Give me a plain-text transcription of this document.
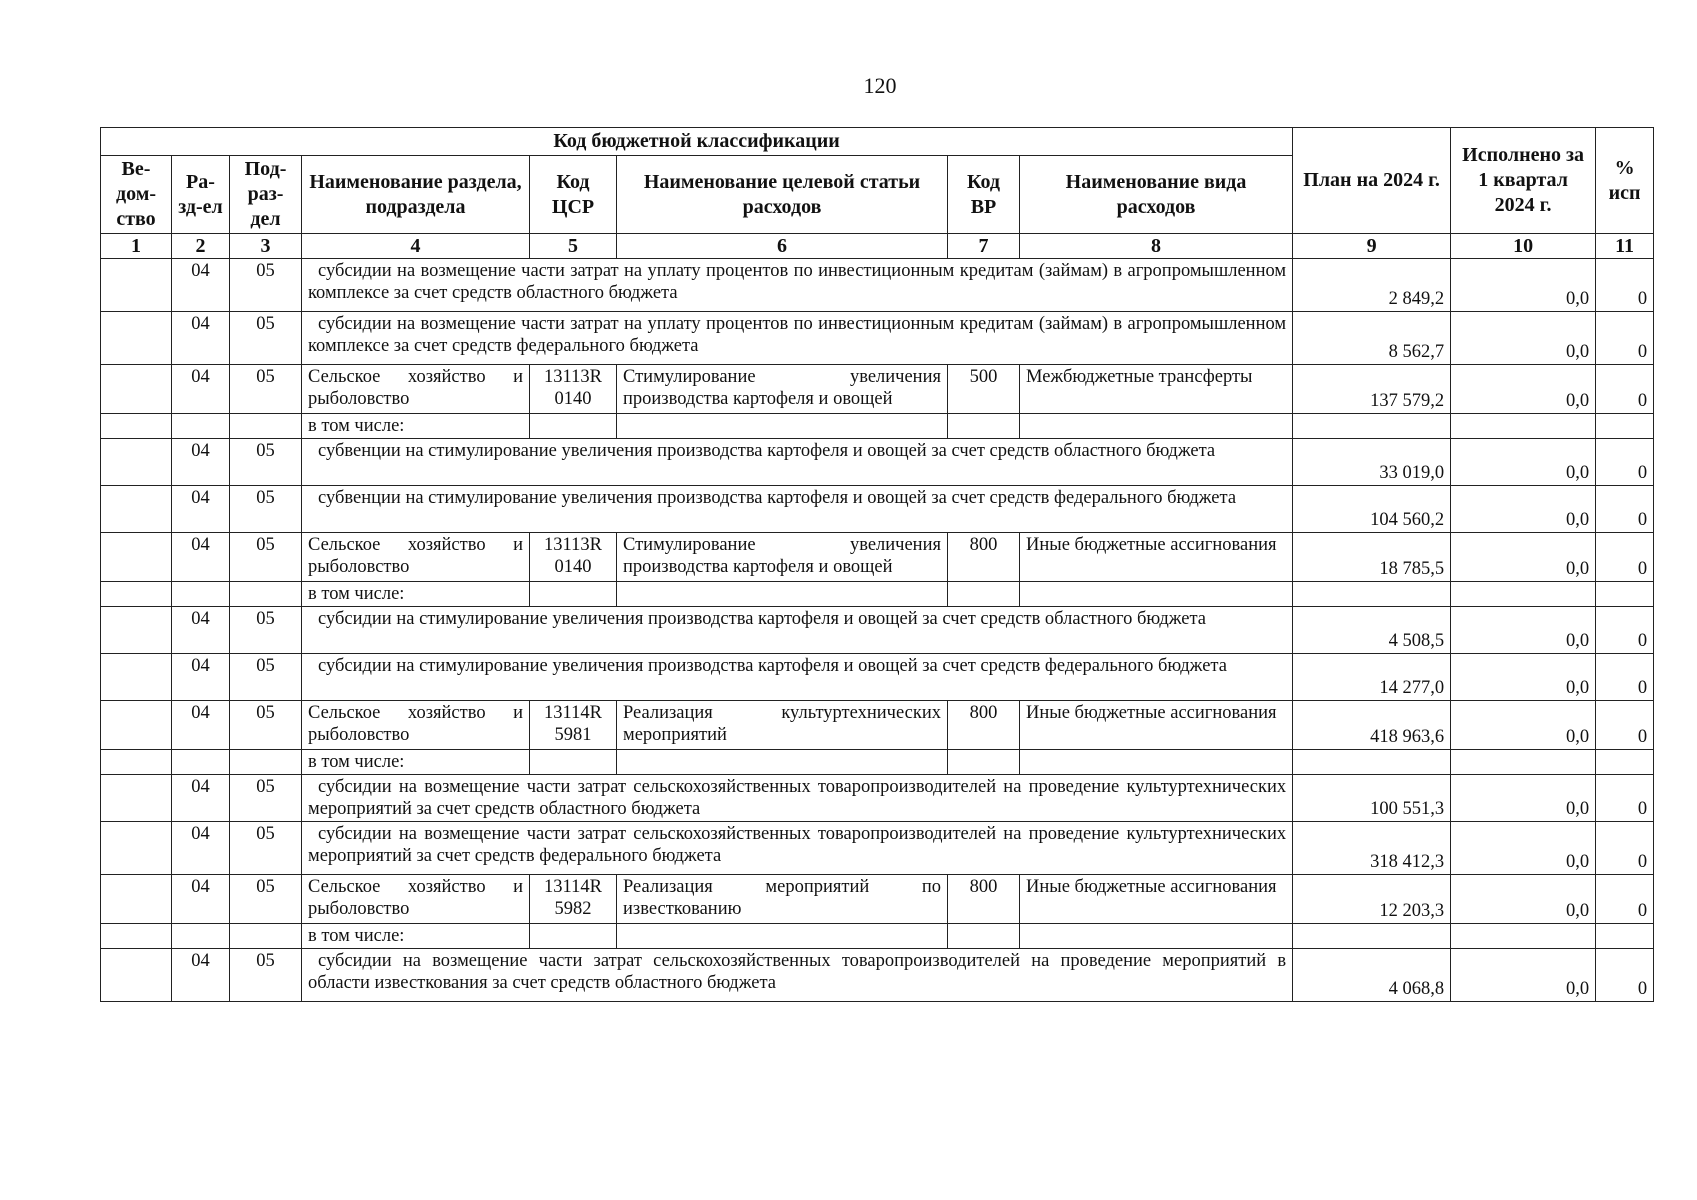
120
Код бюджетной классификации								План на 2024 г.	Исполнено за 1 квартал 2024 г.	% исп
Ве-дом-ство	Ра-зд-ел	Под-раз-дел	Наименование раздела, подраздела	Код ЦСР	Наименование целевой статьи расходов	Код ВР	Наименование вида расходов			
1	2	3	4	5	6	7	8	9	10	11
	04	05	субсидии на возмещение части затрат на уплату процентов по инвестиционным кредитам (займам) в агропромышленном комплексе за счет средств областного бюджета					2 849,2	0,0	0
	04	05	субсидии на возмещение части затрат на уплату процентов по инвестиционным кредитам (займам) в агропромышленном комплексе за счет средств федерального бюджета					8 562,7	0,0	0
	04	05	Сельское хозяйство и рыболовство	13113R 0140	Стимулирование увеличения производства картофеля и овощей	500	Межбюджетные трансферты	137 579,2	0,0	0
			в том числе:							
	04	05	субвенции на стимулирование увеличения производства картофеля и овощей за счет средств областного бюджета					33 019,0	0,0	0
	04	05	субвенции на стимулирование увеличения производства картофеля и овощей за счет средств федерального бюджета					104 560,2	0,0	0
	04	05	Сельское хозяйство и рыболовство	13113R 0140	Стимулирование увеличения производства картофеля и овощей	800	Иные бюджетные ассигнования	18 785,5	0,0	0
			в том числе:							
	04	05	субсидии на стимулирование увеличения производства картофеля и овощей за счет средств областного бюджета					4 508,5	0,0	0
	04	05	субсидии на стимулирование увеличения производства картофеля и овощей за счет средств федерального бюджета					14 277,0	0,0	0
	04	05	Сельское хозяйство и рыболовство	13114R 5981	Реализация культуртехнических мероприятий	800	Иные бюджетные ассигнования	418 963,6	0,0	0
			в том числе:							
	04	05	субсидии на возмещение части затрат сельскохозяйственных товаропроизводителей на проведение культуртехнических мероприятий за счет средств областного бюджета					100 551,3	0,0	0
	04	05	субсидии на возмещение части затрат сельскохозяйственных товаропроизводителей на проведение культуртехнических мероприятий за счет средств федерального бюджета					318 412,3	0,0	0
	04	05	Сельское хозяйство и рыболовство	13114R 5982	Реализация мероприятий по известкованию	800	Иные бюджетные ассигнования	12 203,3	0,0	0
			в том числе:							
	04	05	субсидии на возмещение части затрат сельскохозяйственных товаропроизводителей на проведение мероприятий в области известкования за счет средств областного бюджета					4 068,8	0,0	0
